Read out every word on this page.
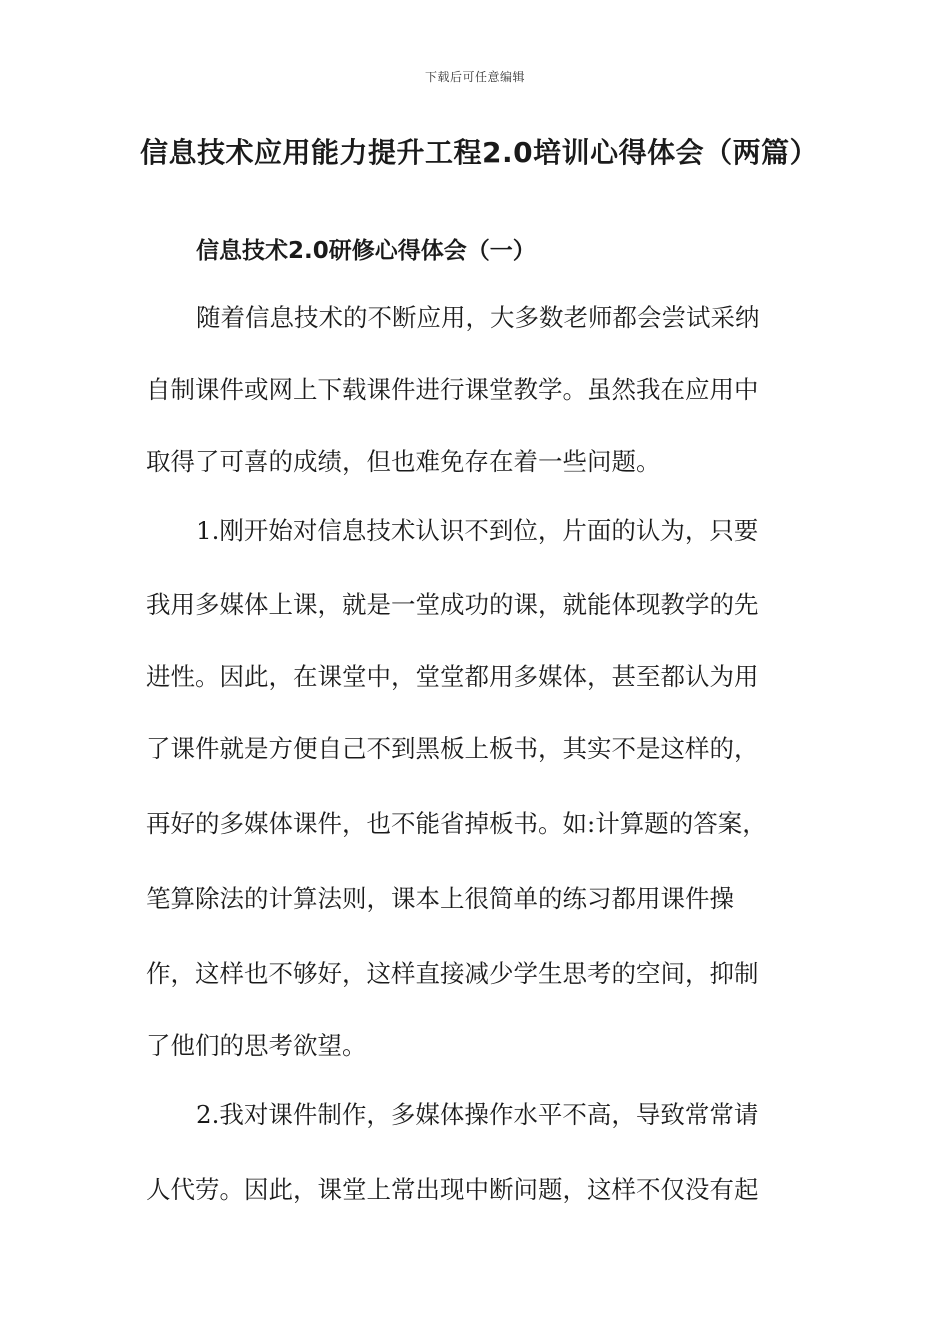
下载后可任意编辑
信息技术应用能力提升工程2.0培训心得体会（两篇）
信息技术2.0研修心得体会（一）
随着信息技术的不断应用，大多数老师都会尝试采纳
自制课件或网上下载课件进行课堂教学。虽然我在应用中
取得了可喜的成绩，但也难免存在着一些问题。
1.刚开始对信息技术认识不到位，片面的认为，只要
我用多媒体上课，就是一堂成功的课，就能体现教学的先
进性。因此，在课堂中，堂堂都用多媒体，甚至都认为用
了课件就是方便自己不到黑板上板书，其实不是这样的，
再好的多媒体课件，也不能省掉板书。如:计算题的答案，
笔算除法的计算法则，课本上很简单的练习都用课件操
作，这样也不够好，这样直接减少学生思考的空间，抑制
了他们的思考欲望。
2.我对课件制作，多媒体操作水平不高，导致常常请
人代劳。因此，课堂上常出现中断问题，这样不仅没有起
